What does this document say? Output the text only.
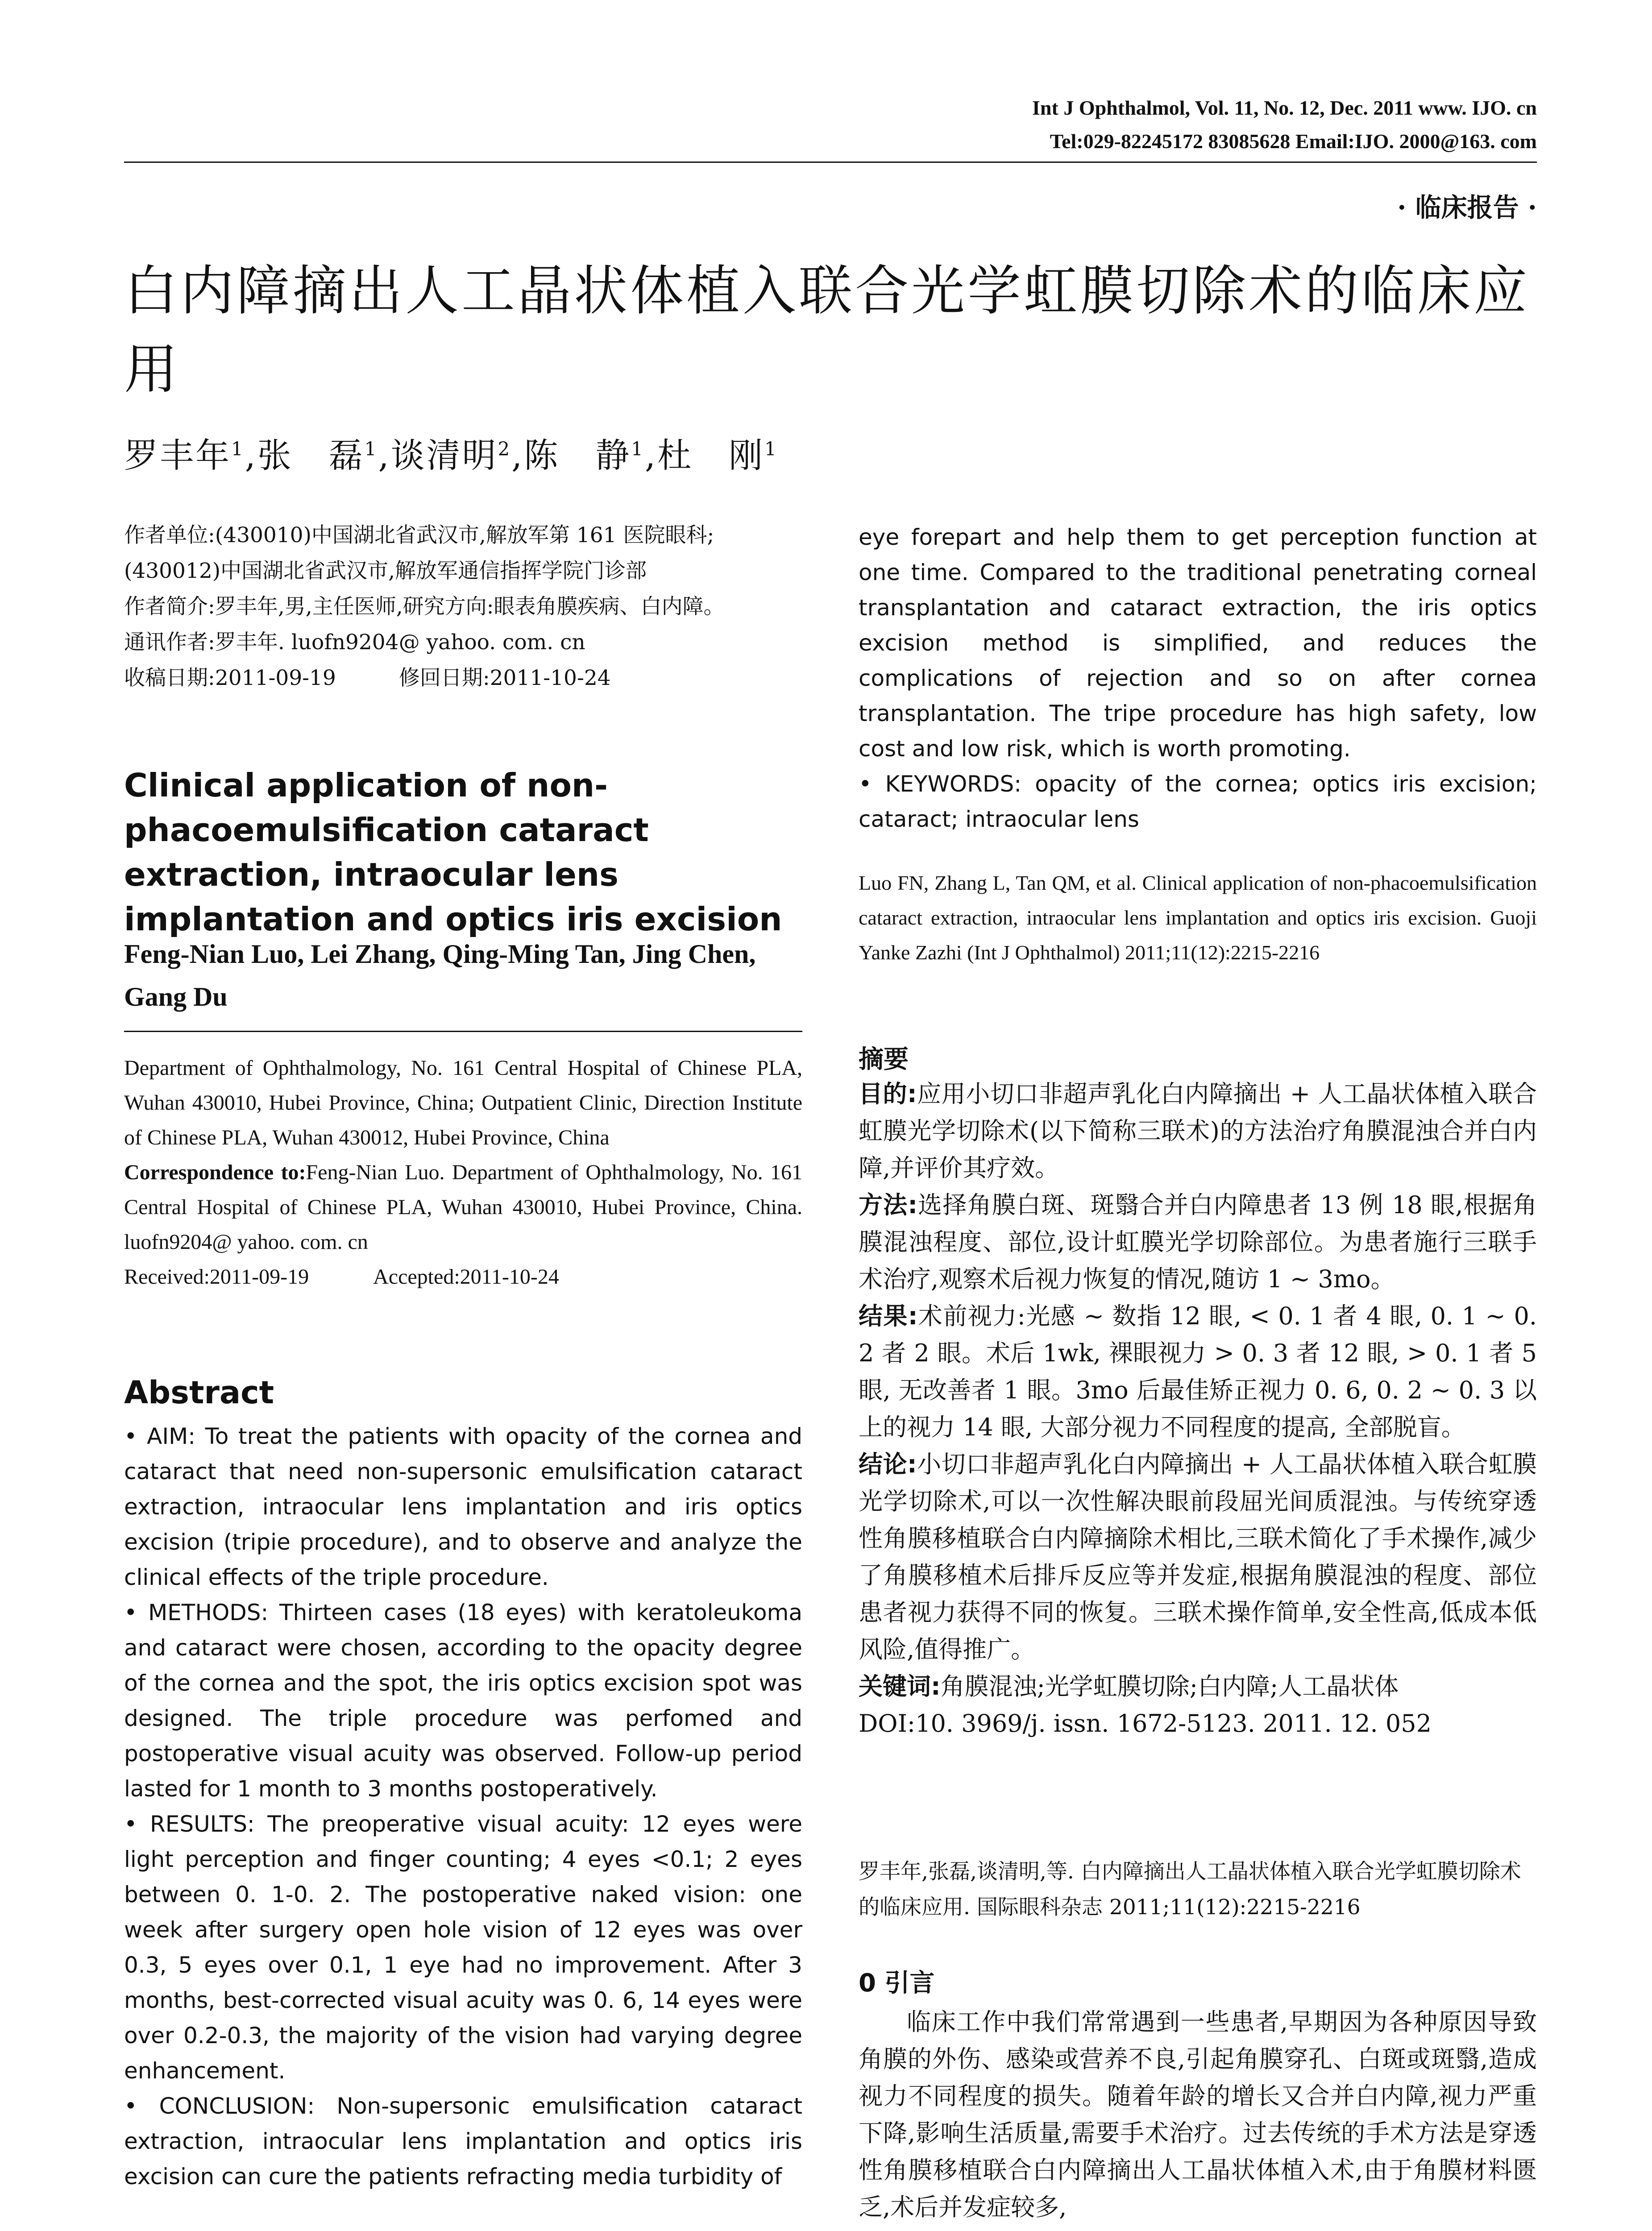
Int J Ophthalmol, Vol. 11, No. 12, Dec. 2011 www. IJO. cn
Tel:029-82245172 83085628 Email:IJO. 2000@163. com
· 临床报告 ·
白内障摘出人工晶状体植入联合光学虹膜切除术的临床应用
罗丰年$^1$,张　磊$^1$,谈清明$^2$,陈　静$^1$,杜　刚$^1$
作者单位:(430010)中国湖北省武汉市,解放军第 161 医院眼科;(430012)中国湖北省武汉市,解放军通信指挥学院门诊部
作者简介:罗丰年,男,主任医师,研究方向:眼表角膜疾病、白内障。
通讯作者:罗丰年. luofn9204@ yahoo. com. cn
收稿日期:2011-09-19　　　修回日期:2011-10-24
Clinical application of non-phacoemulsification cataract extraction, intraocular lens implantation and optics iris excision
Feng-Nian Luo, Lei Zhang, Qing-Ming Tan, Jing Chen, Gang Du
Department of Ophthalmology, No. 161 Central Hospital of Chinese PLA, Wuhan 430010, Hubei Province, China; Outpatient Clinic, Direction Institute of Chinese PLA, Wuhan 430012, Hubei Province, China
Correspondence to:Feng-Nian Luo. Department of Ophthalmology, No. 161 Central Hospital of Chinese PLA, Wuhan 430010, Hubei Province, China. luofn9204@ yahoo. com. cn
Received:2011-09-19　　　Accepted:2011-10-24
Abstract

• AIM: To treat the patients with opacity of the cornea and cataract that need non-supersonic emulsification cataract extraction, intraocular lens implantation and iris optics excision (tripie procedure), and to observe and analyze the clinical effects of the triple procedure.

• METHODS: Thirteen cases (18 eyes) with keratoleukoma and cataract were chosen, according to the opacity degree of the cornea and the spot, the iris optics excision spot was designed. The triple procedure was perfomed and postoperative visual acuity was observed. Follow-up period lasted for 1 month to 3 months postoperatively.

• RESULTS: The preoperative visual acuity: 12 eyes were light perception and finger counting; 4 eyes <0.1; 2 eyes between 0. 1-0. 2. The postoperative naked vision: one week after surgery open hole vision of 12 eyes was over 0.3, 5 eyes over 0.1, 1 eye had no improvement. After 3 months, best-corrected visual acuity was 0. 6, 14 eyes were over 0.2-0.3, the majority of the vision had varying degree enhancement.

• CONCLUSION: Non-supersonic emulsification cataract extraction, intraocular lens implantation and optics iris excision can cure the patients refracting media turbidity of

eye forepart and help them to get perception function at one time. Compared to the traditional penetrating corneal transplantation and cataract extraction, the iris optics excision method is simplified, and reduces the complications of rejection and so on after cornea transplantation. The tripe procedure has high safety, low cost and low risk, which is worth promoting.

• KEYWORDS: opacity of the cornea; optics iris excision; cataract; intraocular lens

Luo FN, Zhang L, Tan QM, et al. Clinical application of non-phacoemulsification cataract extraction, intraocular lens implantation and optics iris excision. Guoji Yanke Zazhi (Int J Ophthalmol) 2011;11(12):2215-2216

摘要

目的:应用小切口非超声乳化白内障摘出 + 人工晶状体植入联合虹膜光学切除术(以下简称三联术)的方法治疗角膜混浊合并白内障,并评价其疗效。

方法:选择角膜白斑、斑翳合并白内障患者 13 例 18 眼,根据角膜混浊程度、部位,设计虹膜光学切除部位。为患者施行三联手术治疗,观察术后视力恢复的情况,随访 1 ~ 3mo。

结果:术前视力:光感 ~ 数指 12 眼, < 0. 1 者 4 眼, 0. 1 ~ 0. 2 者 2 眼。术后 1wk, 裸眼视力 > 0. 3 者 12 眼, > 0. 1 者 5 眼, 无改善者 1 眼。3mo 后最佳矫正视力 0. 6, 0. 2 ~ 0. 3 以上的视力 14 眼, 大部分视力不同程度的提高, 全部脱盲。

结论:小切口非超声乳化白内障摘出 + 人工晶状体植入联合虹膜光学切除术,可以一次性解决眼前段屈光间质混浊。与传统穿透性角膜移植联合白内障摘除术相比,三联术简化了手术操作,减少了角膜移植术后排斥反应等并发症,根据角膜混浊的程度、部位患者视力获得不同的恢复。三联术操作简单,安全性高,低成本低风险,值得推广。

关键词:角膜混浊;光学虹膜切除;白内障;人工晶状体

DOI:10. 3969/j. issn. 1672-5123. 2011. 12. 052

罗丰年,张磊,谈清明,等. 白内障摘出人工晶状体植入联合光学虹膜切除术的临床应用. 国际眼科杂志 2011;11(12):2215-2216
0 引言

临床工作中我们常常遇到一些患者,早期因为各种原因导致角膜的外伤、感染或营养不良,引起角膜穿孔、白斑或斑翳,造成视力不同程度的损失。随着年龄的增长又合并白内障,视力严重下降,影响生活质量,需要手术治疗。过去传统的手术方法是穿透性角膜移植联合白内障摘出人工晶状体植入术,由于角膜材料匮乏,术后并发症较多,
